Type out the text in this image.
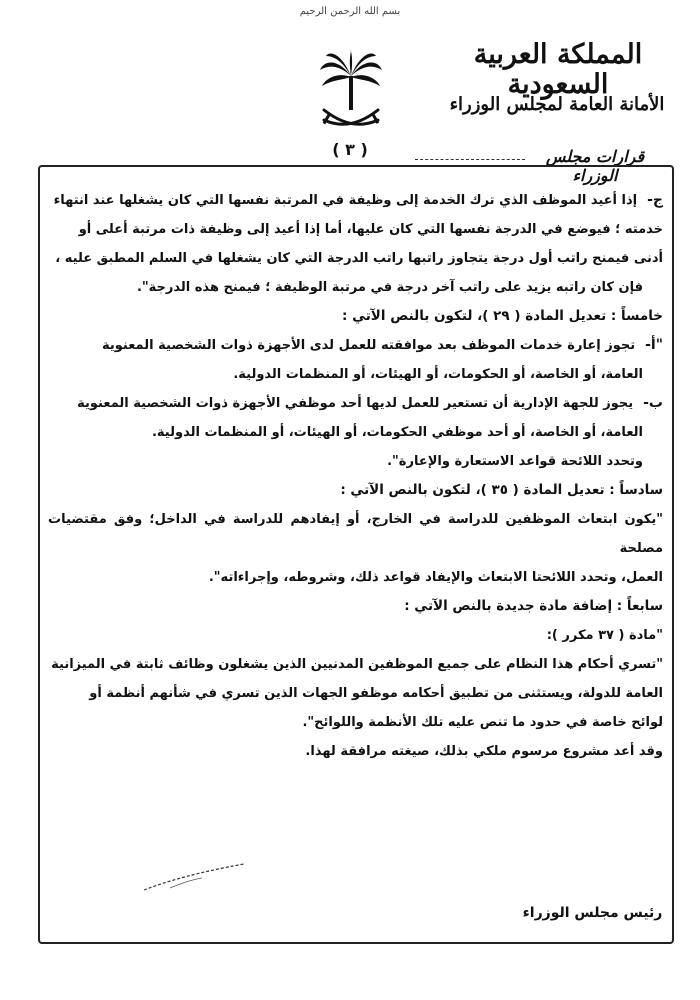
بسم الله الرحمن الرحيم
المملكة العربية السعودية
الأمانة العامة لمجلس الوزراء
قرارات مجلس الوزراء
( ٣ )
ج-

إذا أعيد الموظف الذي ترك الخدمة إلى وظيفة في المرتبة نفسها التي كان يشغلها عند انتهاء

خدمته ؛ فيوضع في الدرجة نفسها التي كان عليها، أما إذا أعيد إلى وظيفة ذات مرتبة أعلى أو

أدنى فيمنح راتب أول درجة يتجاوز راتبها راتب الدرجة التي كان يشغلها في السلم المطبق عليه ،

فإن كان راتبه يزيد على راتب آخر درجة في مرتبة الوظيفة ؛ فيمنح هذه الدرجة".

خامساً : تعديل المادة ( ٢٩ )، لتكون بالنص الآتي :

"أ-
تجوز إعارة خدمات الموظف بعد موافقته للعمل لدى الأجهزة ذوات الشخصية المعنوية

العامة، أو الخاصة، أو الحكومات، أو الهيئات، أو المنظمات الدولية.

ب-
يجوز للجهة الإدارية أن تستعير للعمل لديها أحد موظفي الأجهزة ذوات الشخصية المعنوية

العامة، أو الخاصة، أو أحد موظفي الحكومات، أو الهيئات، أو المنظمات الدولية.

وتحدد اللائحة قواعد الاستعارة والإعارة".

سادساً : تعديل المادة ( ٣٥ )، لتكون بالنص الآتي :

"يكون ابتعاث الموظفين للدراسة في الخارج، أو إيفادهم للدراسة في الداخل؛ وفق مقتضيات مصلحة

العمل، وتحدد اللائحتا الابتعاث والإيفاد قواعد ذلك، وشروطه، وإجراءاته".

سابعاً : إضافة مادة جديدة بالنص الآتي :

"مادة ( ٣٧ مكرر ):

"تسري أحكام هذا النظام على جميع الموظفين المدنيين الذين يشغلون وظائف ثابتة في الميزانية

العامة للدولة، ويستثنى من تطبيق أحكامه موظفو الجهات الذين تسري في شأنهم أنظمة أو

لوائح خاصة في حدود ما تنص عليه تلك الأنظمة واللوائح".

وقد أعد مشروع مرسوم ملكي بذلك، صيغته مرافقة لهذا.

رئيس مجلس الوزراء
